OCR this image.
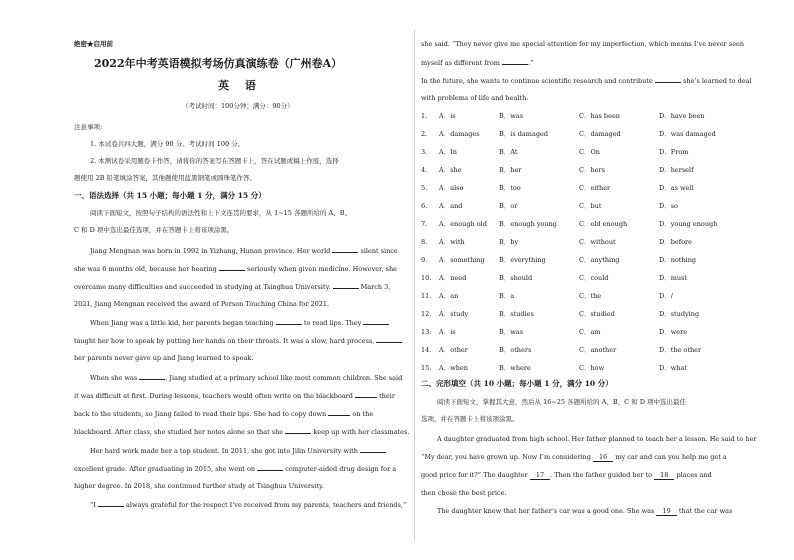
绝密★启用前
2022年中考英语模拟考场仿真演练卷（广州卷A）
英 语
（考试时间：100分钟；满分：90分）
注意事项:
1. 本试卷共四大题，满分 90 分。考试时间 100 分。
2. 本测试卷采用题卷卡作答，请将你的答案写在答题卡上，答在试题或稿上作废，选择
题使用 2B 铅笔填涂答案，其他题使用蓝黑钢笔或圆珠笔作答。
一、语法选择（共 15 小题；每小题 1 分，满分 15 分）
阅读下面短文，按照句子结构的语法性和上下文连贯的要求，从 1~15 各题所给的 A、B、
C 和 D 项中选出最佳选项，并在答题卡上将该项涂黑。
Jiang Mengnan was born in 1992 in Yizhang, Hunan province. Her world	silent since
she was 6 months old, because her hearing	seriously when given medicine. However, she
overcame many difficulties and succeeded in studying at Tsinghua University.	March 3,
2021, Jiang Mengnan received the award of Person Touching China for 2021.
When Jiang was a little kid, her parents began teaching	to read lips. They
taught her how to speak by putting her hands on their throats. It was a slow, hard process,
her parents never gave up and Jiang learned to speak.
When she was	, Jiang studied at a primary school like most common children. She said
it was difficult at first. During lessons, teachers would often write on the blackboard	their
back to the students, so Jiang failed to read their lips. She had to copy down	on the
blackboard. After class, she studied her notes alone so that she	keep up with her classmates.
Her hard work made her a top student. In 2011, she got into Jilin University with
excellent grade. After graduating in 2015, she went on	computer-aided drug design for a
higher degree. In 2018, she continued further study at Tsinghua University.
“I	always grateful for the respect I’ve received from my parents, teachers and friends,”
she said. “They never give me special attention for my imperfection, which means I’ve never seen
myself as different from	.”
In the future, she wants to continue scientific research and contribute	she’s learned to deal
with problems of life and health.
1. A．is	B．was	C．has been	D．have been
2. A．damages	B．is damaged	C．damaged	D．was damaged
3. A．In	B．At	C．On	D．From
4. A．she	B．her	C．hers	D．herself
5. A．also	B．too	C．either	D．as well
6. A．and	B．or	C．but	D．so
7. A．enough old B．enough young	C．old enough	D．young enough
8. A．with	B．by	C．without	D．before
9. A．something B．everything	C．anything	D．nothing
10. A．need	B．should	C．could	D．must
11. A．an	B．a	C．the	D．/
12. A．study	B．studies	C．studied	D．studying
13. A．is	B．was	C．am	D．were
14. A．other	B．others	C．another	D．the other
15. A．when	B．where	C．how	D．what
二、完形填空（共 10 小题；每小题 1 分，满分 10 分）
阅读下面短文，掌握其大意，然后从 16~25 各题所给的 A、B、C 和 D 项中选出最佳
选项，并在答题卡上将该项涂黑。
A daughter graduated from high school. Her father planned to teach her a lesson. He said to her
“My dear, you have grown up. Now I’m considering 16 my car and can you help me get a
good price for it?” The daughter 17 . Then the father guided her to 18 places and
then chose the best price.
The daughter knew that her father’s car was a good one. She was 19 that the car was
